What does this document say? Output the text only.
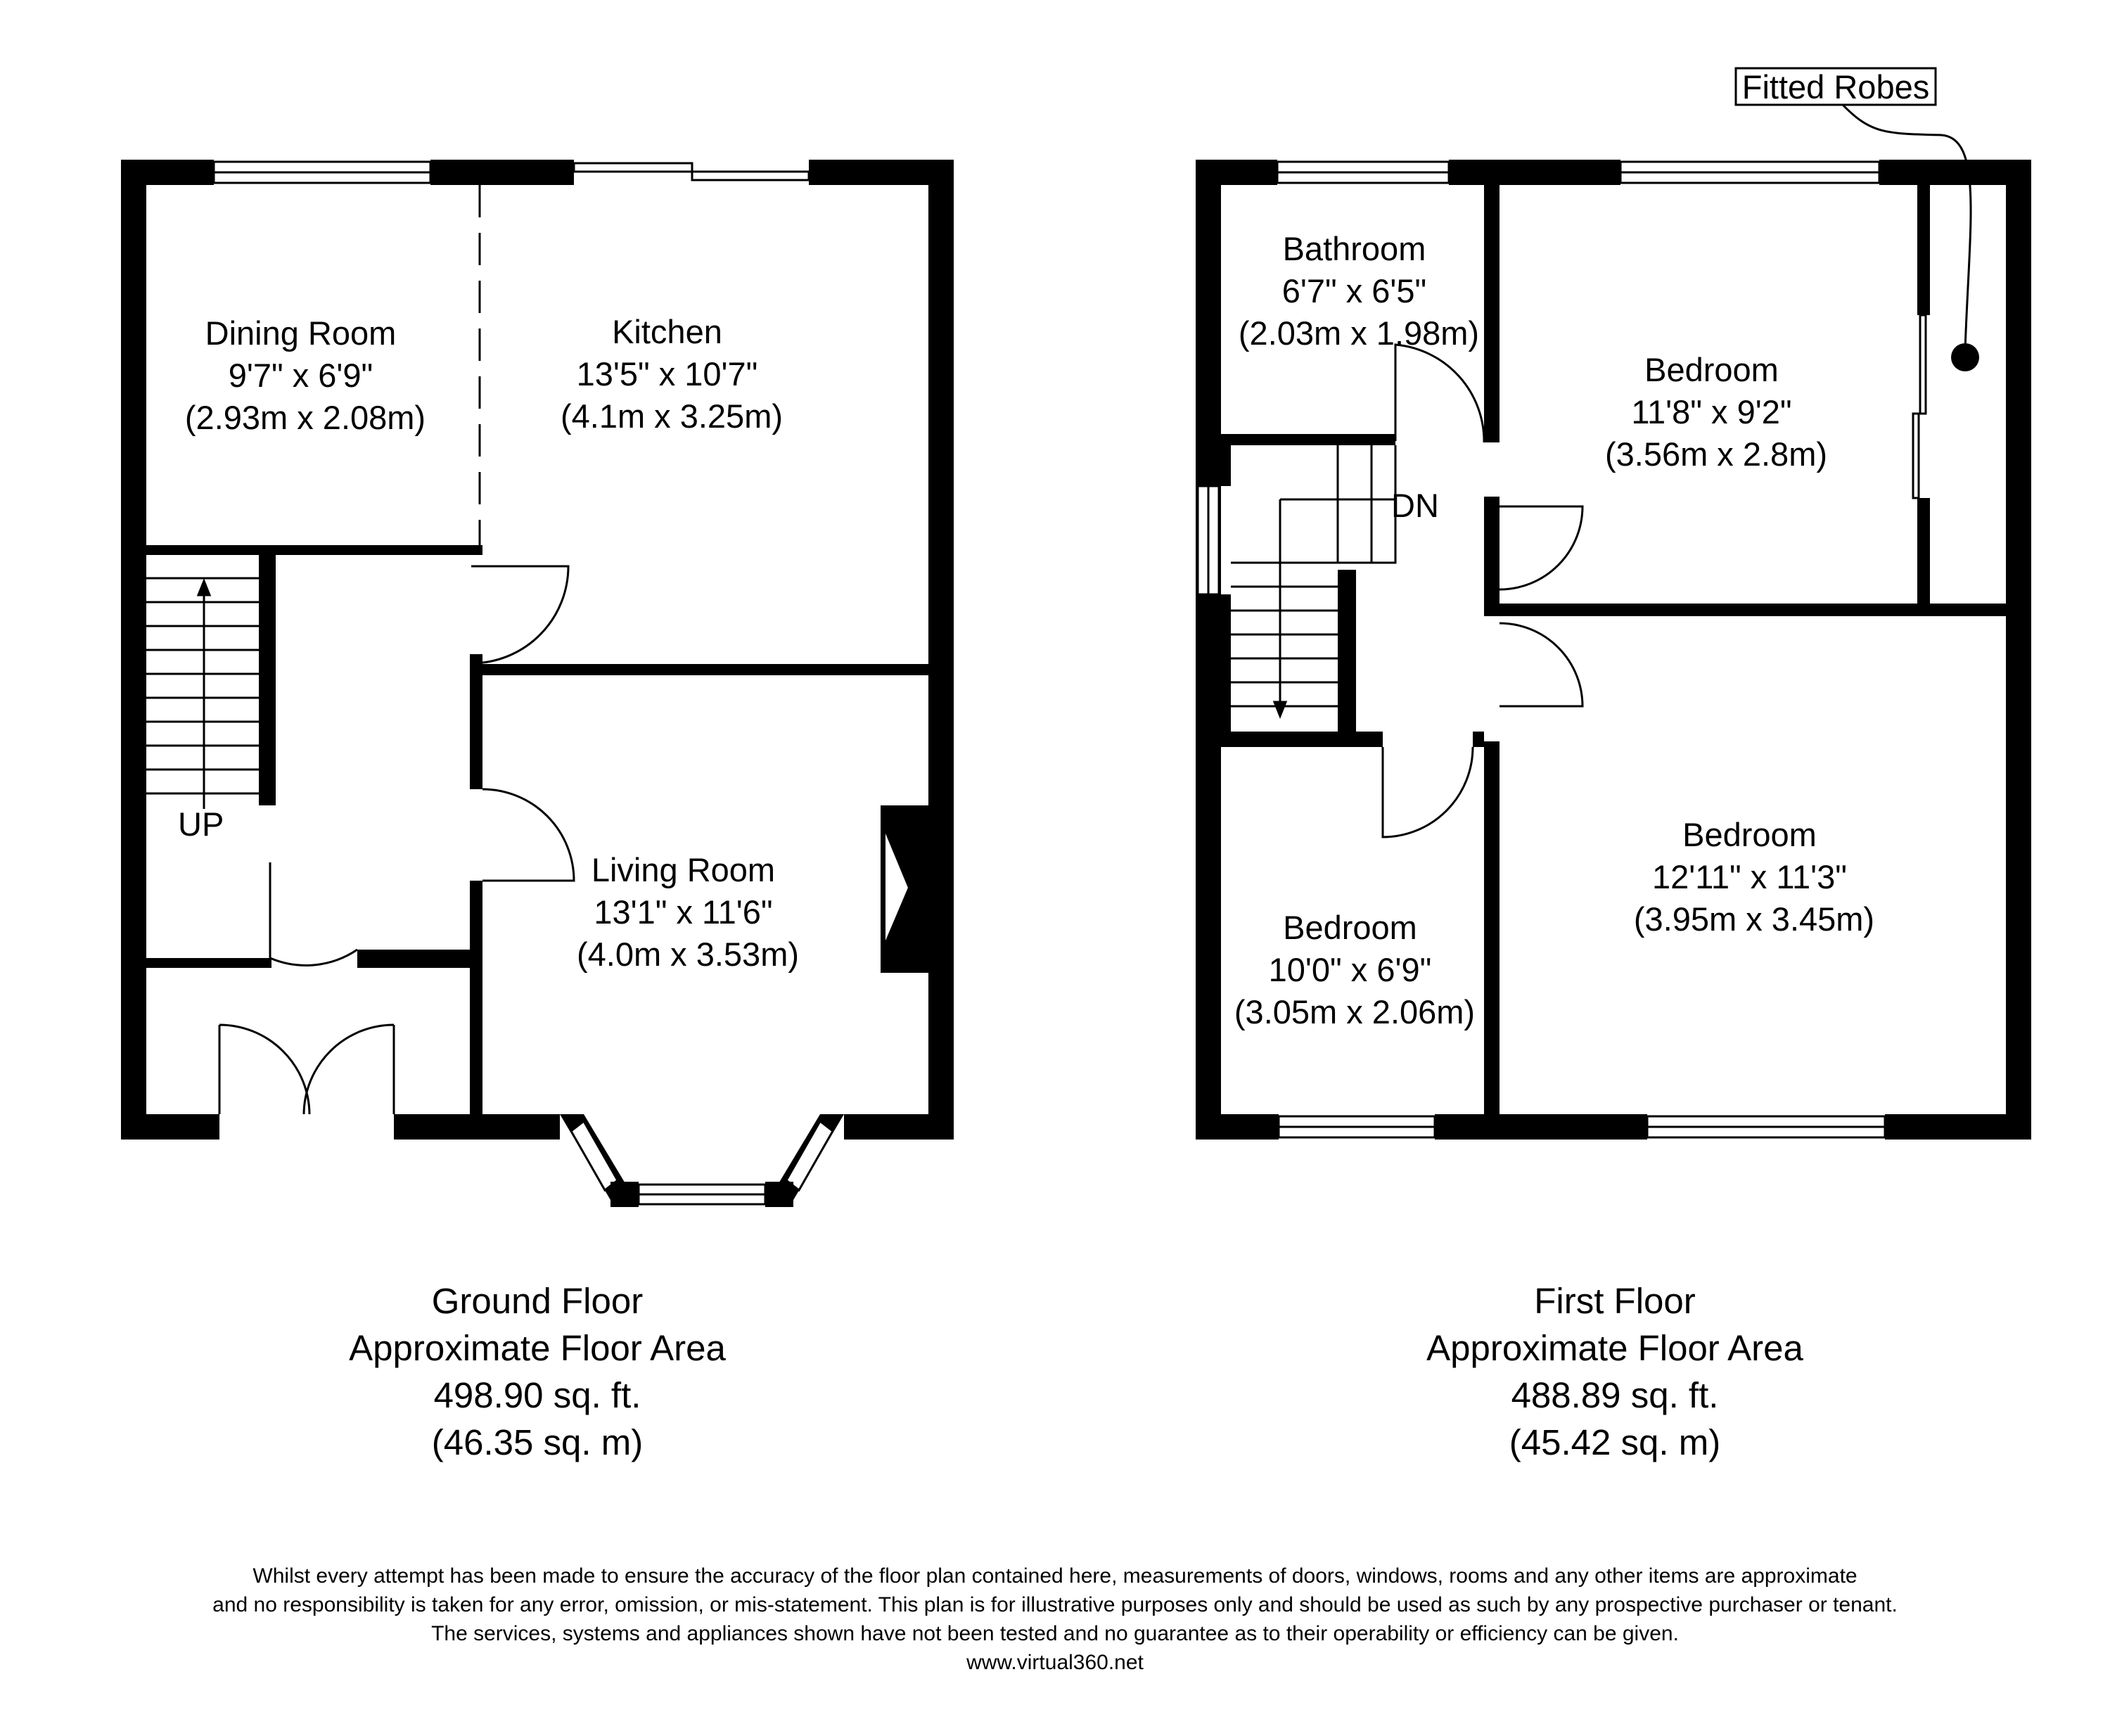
Dining Room 9'7" x 6'9" (2.93m x 2.08m)
Kitchen 13'5" x 10'7" (4.1m x 3.25m)
Living Room 13'1" x 11'6" (4.0m x 3.53m)
UP
Fitted Robes
Bathroom 6'7" x 6'5" (2.03m x 1.98m)
Bedroom 11'8" x 9'2" (3.56m x 2.8m)
Bedroom 12'11" x 11'3" (3.95m x 3.45m)
Bedroom 10'0" x 6'9" (3.05m x 2.06m)
DN
Ground Floor
Approximate Floor Area
498.90 sq. ft.
(46.35 sq. m)
First Floor
Approximate Floor Area
488.89 sq. ft.
(45.42 sq. m)
Whilst every attempt has been made to ensure the accuracy of the floor plan contained here, measurements of doors, windows, rooms and any other items are approximate
and no responsibility is taken for any error, omission, or mis-statement. This plan is for illustrative purposes only and should be used as such by any prospective purchaser or tenant.
The services, systems and appliances shown have not been tested and no guarantee as to their operability or efficiency can be given.
www.virtual360.net
